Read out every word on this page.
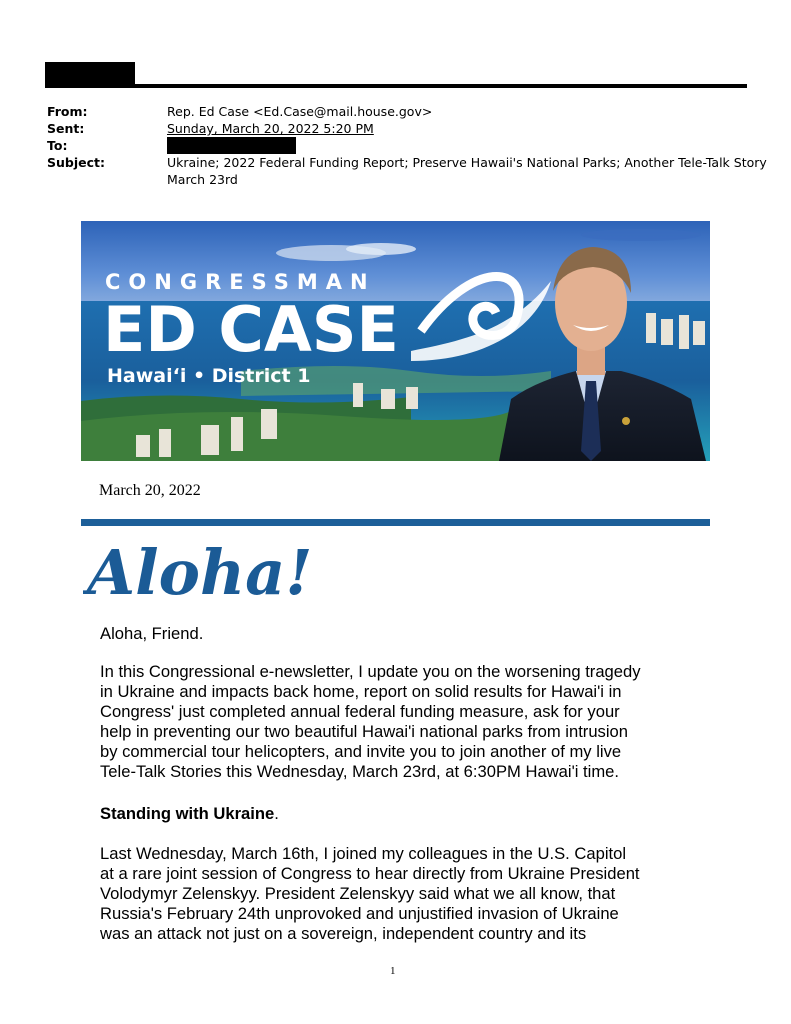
From:	Rep. Ed Case <Ed.Case@mail.house.gov>
Sent:	Sunday, March 20, 2022 5:20 PM
To:
Subject:	Ukraine; 2022 Federal Funding Report; Preserve Hawaii's National Parks; Another Tele-Talk Story
March 23rd
CONGRESSMAN
ED CASE
Hawaiʻi • District 1
March 20, 2022
Aloha!
Aloha, Friend.
In this Congressional e-newsletter, I update you on the worsening tragedy
in Ukraine and impacts back home, report on solid results for Hawai'i in
Congress' just completed annual federal funding measure, ask for your
help in preventing our two beautiful Hawai'i national parks from intrusion
by commercial tour helicopters, and invite you to join another of my live
Tele-Talk Stories this Wednesday, March 23rd, at 6:30PM Hawai'i time.
Standing with Ukraine.
Last Wednesday, March 16th, I joined my colleagues in the U.S. Capitol
at a rare joint session of Congress to hear directly from Ukraine President
Volodymyr Zelenskyy. President Zelenskyy said what we all know, that
Russia's February 24th unprovoked and unjustified invasion of Ukraine
was an attack not just on a sovereign, independent country and its
1
